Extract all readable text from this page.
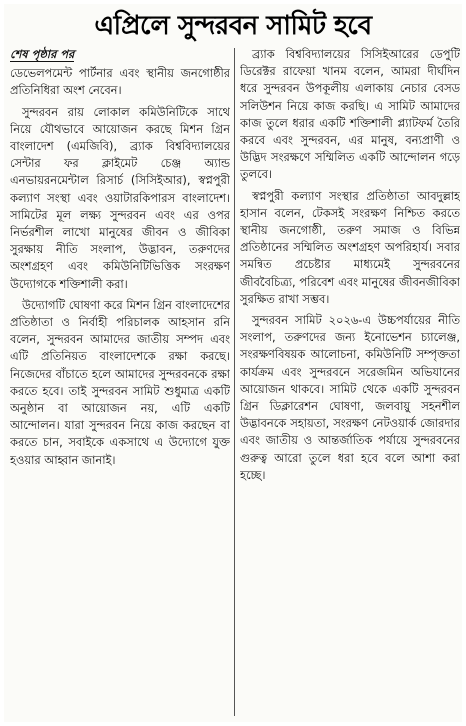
এপ্রিলে সুন্দরবন সামিট হবে
শেষ পৃষ্ঠার পর

ডেভেলপমেন্ট পার্টনার এবং স্থানীয় জনগোষ্ঠীর প্রতিনিধিরা অংশ নেবেন।

সুন্দরবন রায় লোকাল কমিউনিটিকে সাথে নিয়ে যৌথভাবে আয়োজন করছে মিশন গ্রিন বাংলাদেশ (এমজিবি), ব্র্যাক বিশ্ববিদ্যালয়ের সেন্টার ফর ক্লাইমেট চেঞ্জ অ্যান্ড এনভায়রনমেন্টাল রিসার্চ (সিসিইআর), স্বপ্নপুরী কল্যাণ সংস্থা এবং ওয়াটারকিপারস বাংলাদেশ। সামিটের মূল লক্ষ্য সুন্দরবন এবং এর ওপর নির্ভরশীল লাখো মানুষের জীবন ও জীবিকা সুরক্ষায় নীতি সংলাপ, উদ্ভাবন, তরুণদের অংশগ্রহণ এবং কমিউনিটিভিত্তিক সংরক্ষণ উদ্যোগকে শক্তিশালী করা।

উদ্যোগটি ঘোষণা করে মিশন গ্রিন বাংলাদেশের প্রতিষ্ঠাতা ও নির্বাহী পরিচালক আহসান রনি বলেন, সুন্দরবন আমাদের জাতীয় সম্পদ এবং এটি প্রতিনিয়ত বাংলাদেশকে রক্ষা করছে। নিজেদের বাঁচাতে হলে আমাদের সুন্দরবনকে রক্ষা করতে হবে। তাই সুন্দরবন সামিট শুধুমাত্র একটি অনুষ্ঠান বা আয়োজন নয়, এটি একটি আন্দোলন। যারা সুন্দরবন নিয়ে কাজ করছেন বা করতে চান, সবাইকে একসাথে এ উদ্যোগে যুক্ত হওয়ার আহ্বান জানাই।

ব্র্যাক বিশ্ববিদ্যালয়ের সিসিইআরের ডেপুটি ডিরেক্টর রাফেয়া খানম বলেন, আমরা দীর্ঘদিন ধরে সুন্দরবন উপকূলীয় এলাকায় নেচার বেসড সলিউশন নিয়ে কাজ করছি। এ সামিট আমাদের কাজ তুলে ধরার একটি শক্তিশালী প্ল্যাটফর্ম তৈরি করবে এবং সুন্দরবন, এর মানুষ, বন্যপ্রাণী ও উদ্ভিদ সংরক্ষণে সম্মিলিত একটি আন্দোলন গড়ে তুলবে।

স্বপ্নপুরী কল্যাণ সংস্থার প্রতিষ্ঠাতা আবদুল্লাহ হাসান বলেন, টেকসই সংরক্ষণ নিশ্চিত করতে স্থানীয় জনগোষ্ঠী, তরুণ সমাজ ও বিভিন্ন প্রতিষ্ঠানের সম্মিলিত অংশগ্রহণ অপরিহার্য। সবার সমন্বিত প্রচেষ্টার মাধ্যমেই সুন্দরবনের জীববৈচিত্র্য, পরিবেশ এবং মানুষের জীবনজীবিকা সুরক্ষিত রাখা সম্ভব।

সুন্দরবন সামিট ২০২৬-এ উচ্চপর্যায়ের নীতি সংলাপ, তরুণদের জন্য ইনোভেশন চ্যালেঞ্জ, সংরক্ষণবিষয়ক আলোচনা, কমিউনিটি সম্পৃক্ততা কার্যক্রম এবং সুন্দরবনে সরেজমিন অভিযানের আয়োজন থাকবে। সামিট থেকে একটি সুন্দরবন গ্রিন ডিক্লারেশন ঘোষণা, জলবায়ু সহনশীল উদ্ভাবনকে সহায়তা, সংরক্ষণ নেটওয়ার্ক জোরদার এবং জাতীয় ও আন্তর্জাতিক পর্যায়ে সুন্দরবনের গুরুত্ব আরো তুলে ধরা হবে বলে আশা করা হচ্ছে।
